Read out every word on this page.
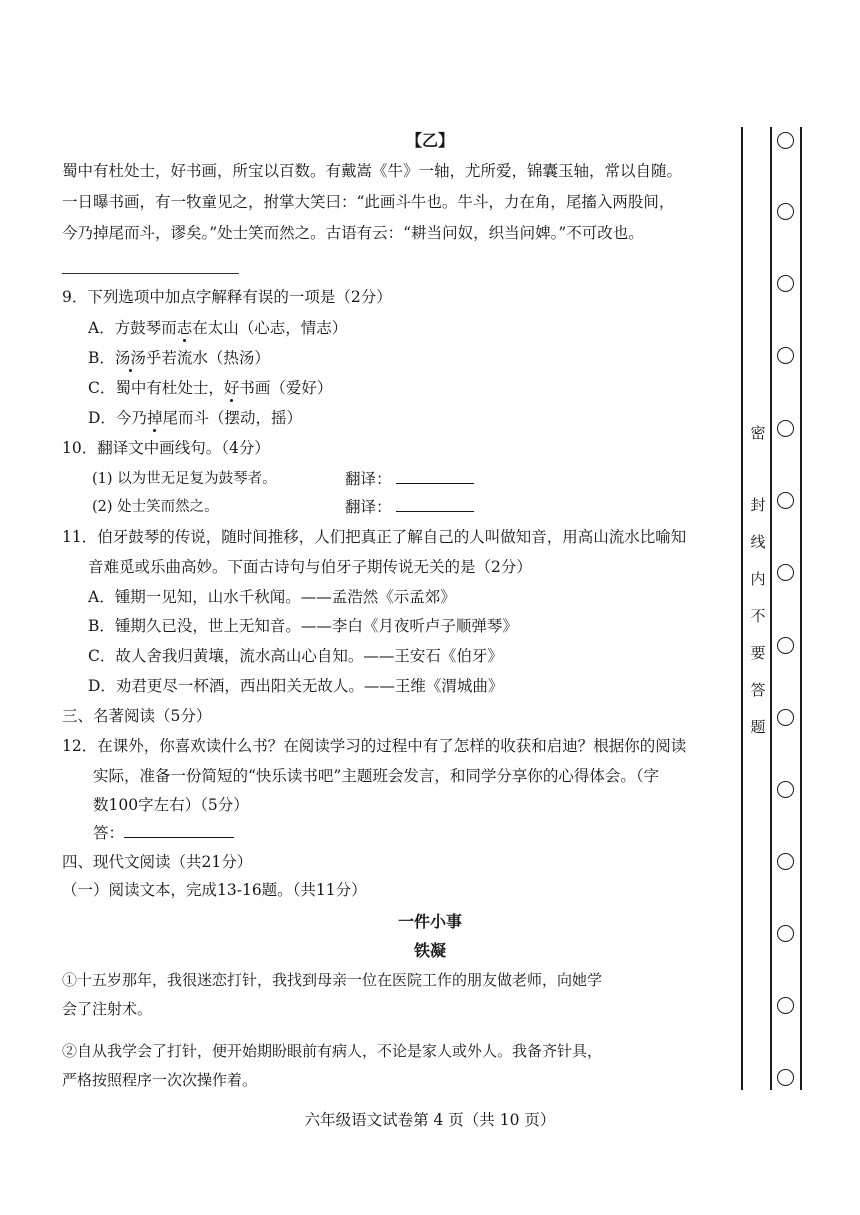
【乙】
蜀中有杜处士，好书画，所宝以百数。有戴嵩《牛》一轴，尤所爱，锦囊玉轴，常以自随。
一日曝书画，有一牧童见之，拊掌大笑曰：“此画斗牛也。牛斗，力在角，尾搐入两股间，
今乃掉尾而斗，谬矣。”处士笑而然之。古语有云：“耕当问奴，织当问婢。”不可改也。
9．下列选项中加点字解释有误的一项是（2分）
A．方鼓琴而志在太山（心志，情志）
B．汤汤乎若流水（热汤）
C．蜀中有杜处士，好书画（爱好）
D．今乃掉尾而斗（摆动，摇）
10．翻译文中画线句。（4分）
(1) 以为世无足复为鼓琴者。	翻译：
(2) 处士笑而然之。	翻译：
11．伯牙鼓琴的传说，随时间推移，人们把真正了解自己的人叫做知音，用高山流水比喻知
音难觅或乐曲高妙。下面古诗句与伯牙子期传说无关的是（2分）
A．锺期一见知，山水千秋闻。——孟浩然《示孟郊》
B．锺期久已没，世上无知音。——李白《月夜听卢子顺弹琴》
C．故人舍我归黄壤，流水高山心自知。——王安石《伯牙》
D．劝君更尽一杯酒，西出阳关无故人。——王维《渭城曲》
三、名著阅读（5分）
12．在课外，你喜欢读什么书？在阅读学习的过程中有了怎样的收获和启迪？根据你的阅读
实际，准备一份简短的“快乐读书吧”主题班会发言，和同学分享你的心得体会。（字
数100字左右）（5分）
答：
四、现代文阅读（共21分）
（一）阅读文本，完成13-16题。（共11分）
一件小事
铁凝
①十五岁那年，我很迷恋打针，我找到母亲一位在医院工作的朋友做老师，向她学
会了注射术。
②自从我学会了打针，便开始期盼眼前有病人，不论是家人或外人。我备齐针具，
严格按照程序一次次操作着。
六年级语文试卷第 4 页（共 10 页）
密
封
线
内
不
要
答
题
